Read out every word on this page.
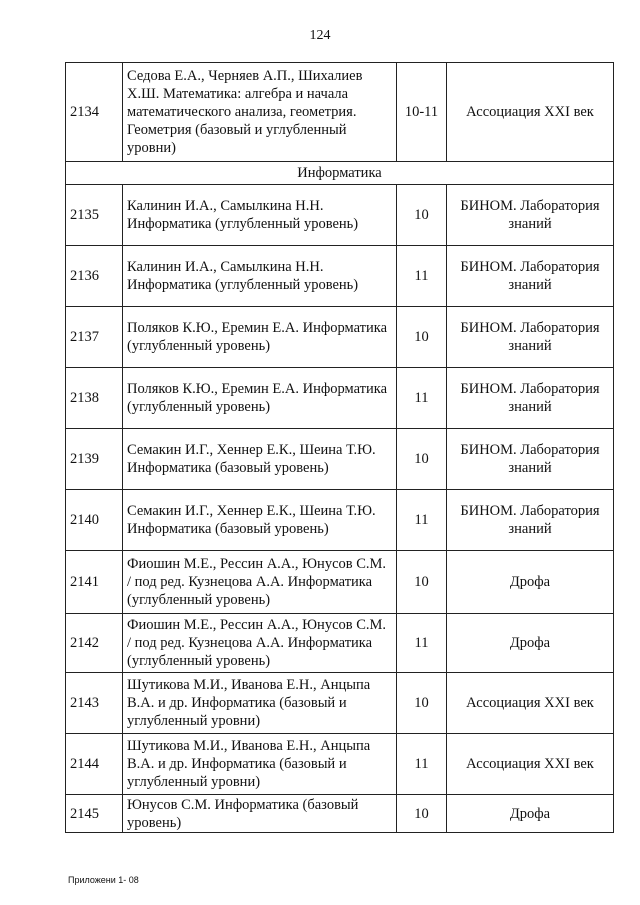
124
2134	Седова Е.А., Черняев А.П., Шихалиев Х.Ш. Математика: алгебра и начала математического анализа, геометрия. Геометрия (базовый и углубленный уровни)	10-11	Ассоциация XXI век
Информатика			
2135	Калинин И.А., Самылкина Н.Н. Информатика (углубленный уровень)	10	БИНОМ. Лаборатория знаний
2136	Калинин И.А., Самылкина Н.Н. Информатика (углубленный уровень)	11	БИНОМ. Лаборатория знаний
2137	Поляков К.Ю., Еремин Е.А. Информатика (углубленный уровень)	10	БИНОМ. Лаборатория знаний
2138	Поляков К.Ю., Еремин Е.А. Информатика (углубленный уровень)	11	БИНОМ. Лаборатория знаний
2139	Семакин И.Г., Хеннер Е.К., Шеина Т.Ю. Информатика (базовый уровень)	10	БИНОМ. Лаборатория знаний
2140	Семакин И.Г., Хеннер Е.К., Шеина Т.Ю. Информатика (базовый уровень)	11	БИНОМ. Лаборатория знаний
2141	Фиошин М.Е., Рессин А.А., Юнусов С.М. / под ред. Кузнецова А.А. Информатика (углубленный уровень)	10	Дрофа
2142	Фиошин М.Е., Рессин А.А., Юнусов С.М. / под ред. Кузнецова А.А. Информатика (углубленный уровень)	11	Дрофа
2143	Шутикова М.И., Иванова Е.Н., Анцыпа В.А. и др. Информатика (базовый и углубленный уровни)	10	Ассоциация XXI век
2144	Шутикова М.И., Иванова Е.Н., Анцыпа В.А. и др. Информатика (базовый и углубленный уровни)	11	Ассоциация XXI век
2145	Юнусов С.М. Информатика (базовый уровень)	10	Дрофа
Приложени 1- 08
